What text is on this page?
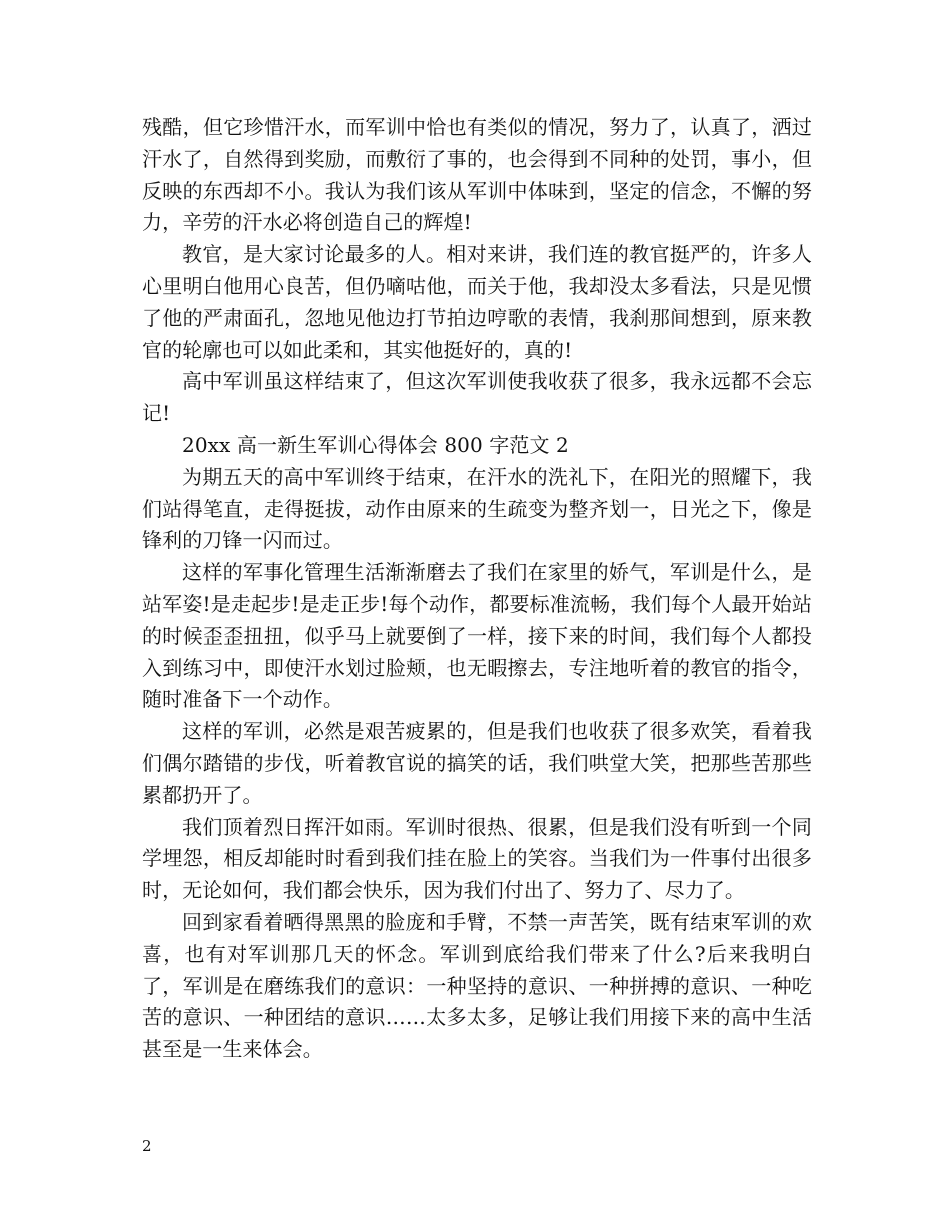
残酷，但它珍惜汗水，而军训中恰也有类似的情况，努力了，认真了，洒过汗水了，自然得到奖励，而敷衍了事的，也会得到不同种的处罚，事小，但反映的东西却不小。我认为我们该从军训中体味到，坚定的信念，不懈的努力，辛劳的汗水必将创造自己的辉煌!

教官，是大家讨论最多的人。相对来讲，我们连的教官挺严的，许多人心里明白他用心良苦，但仍嘀咕他，而关于他，我却没太多看法，只是见惯了他的严肃面孔，忽地见他边打节拍边哼歌的表情，我刹那间想到，原来教官的轮廓也可以如此柔和，其实他挺好的，真的!

高中军训虽这样结束了，但这次军训使我收获了很多，我永远都不会忘记!

20xx 高一新生军训心得体会 800 字范文 2

为期五天的高中军训终于结束，在汗水的洗礼下，在阳光的照耀下，我们站得笔直，走得挺拔，动作由原来的生疏变为整齐划一，日光之下，像是锋利的刀锋一闪而过。

这样的军事化管理生活渐渐磨去了我们在家里的娇气，军训是什么，是站军姿!是走起步!是走正步!每个动作，都要标准流畅，我们每个人最开始站的时候歪歪扭扭，似乎马上就要倒了一样，接下来的时间，我们每个人都投入到练习中，即使汗水划过脸颊，也无暇擦去，专注地听着的教官的指令，随时准备下一个动作。

这样的军训，必然是艰苦疲累的，但是我们也收获了很多欢笑，看着我们偶尔踏错的步伐，听着教官说的搞笑的话，我们哄堂大笑，把那些苦那些累都扔开了。

我们顶着烈日挥汗如雨。军训时很热、很累，但是我们没有听到一个同学埋怨，相反却能时时看到我们挂在脸上的笑容。当我们为一件事付出很多时，无论如何，我们都会快乐，因为我们付出了、努力了、尽力了。

回到家看着晒得黑黑的脸庞和手臂，不禁一声苦笑，既有结束军训的欢喜，也有对军训那几天的怀念。军训到底给我们带来了什么?后来我明白了，军训是在磨练我们的意识：一种坚持的意识、一种拼搏的意识、一种吃苦的意识、一种团结的意识……太多太多，足够让我们用接下来的高中生活甚至是一生来体会。

2
